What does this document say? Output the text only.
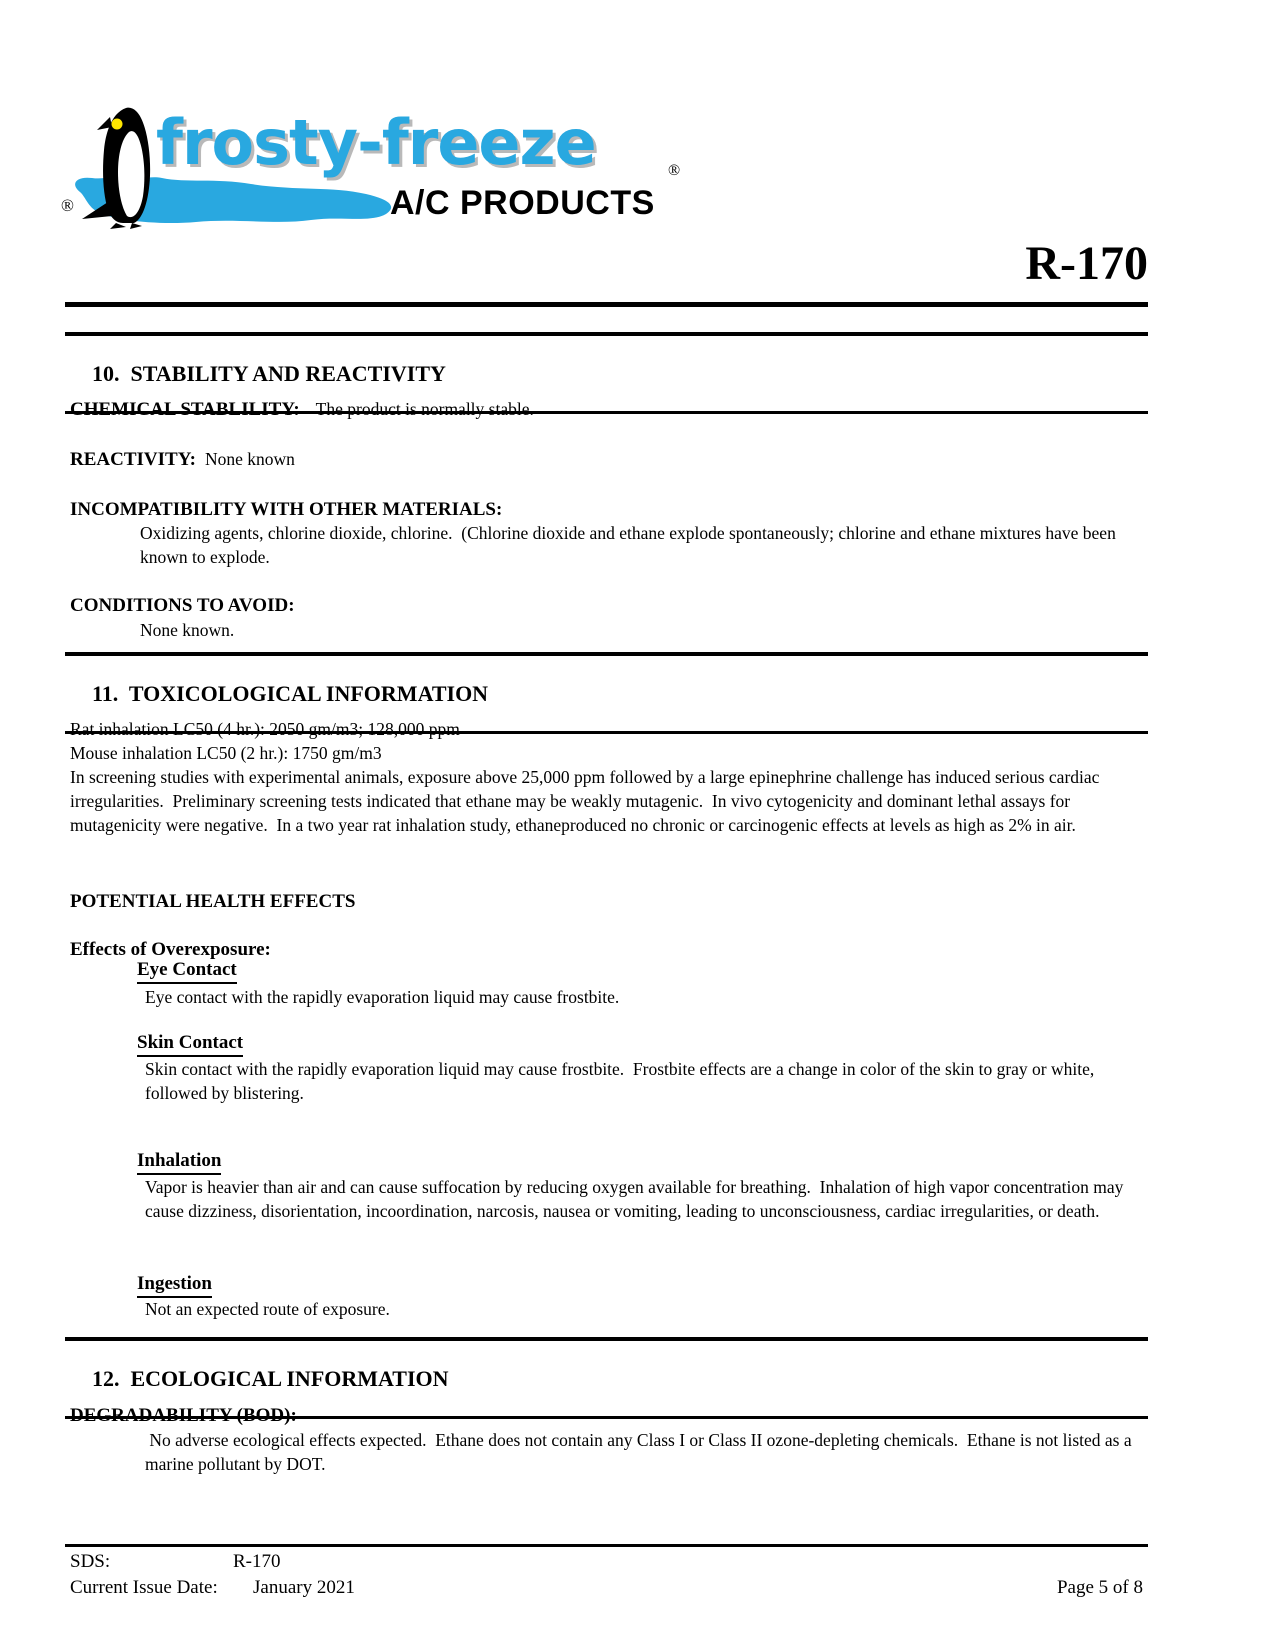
frosty-freeze	®
A/C PRODUCTS
®
R-170

10.  STABILITY AND REACTIVITY

CHEMICAL STABLILITY: The product is normally stable.
REACTIVITY: None known
INCOMPATIBILITY WITH OTHER MATERIALS:
Oxidizing agents, chlorine dioxide, chlorine.  (Chlorine dioxide and ethane explode spontaneously; chlorine and ethane mixtures have been known to explode.
CONDITIONS TO AVOID:
None known.

11.  TOXICOLOGICAL INFORMATION

Rat inhalation LC50 (4 hr.): 2050 gm/m3; 128,000 ppm
Mouse inhalation LC50 (2 hr.): 1750 gm/m3
In screening studies with experimental animals, exposure above 25,000 ppm followed by a large epinephrine challenge has induced serious cardiac irregularities.  Preliminary screening tests indicated that ethane may be weakly mutagenic.  In vivo cytogenicity and dominant lethal assays for mutagenicity were negative.  In a two year rat inhalation study, ethaneproduced no chronic or carcinogenic effects at levels as high as 2% in air.
POTENTIAL HEALTH EFFECTS
Effects of Overexposure:
Eye Contact
Eye contact with the rapidly evaporation liquid may cause frostbite.
Skin Contact
Skin contact with the rapidly evaporation liquid may cause frostbite.  Frostbite effects are a change in color of the skin to gray or white, followed by blistering.
Inhalation
Vapor is heavier than air and can cause suffocation by reducing oxygen available for breathing.  Inhalation of high vapor concentration may cause dizziness, disorientation, incoordination, narcosis, nausea or vomiting, leading to unconsciousness, cardiac irregularities, or death.
Ingestion
Not an expected route of exposure.

12.  ECOLOGICAL INFORMATION

DEGRADABILITY (BOD):
No adverse ecological effects expected.  Ethane does not contain any Class I or Class II ozone-depleting chemicals.  Ethane is not listed as a marine pollutant by DOT.
SDS:	R-170
Current Issue Date: January 2021	Page 5 of 8
